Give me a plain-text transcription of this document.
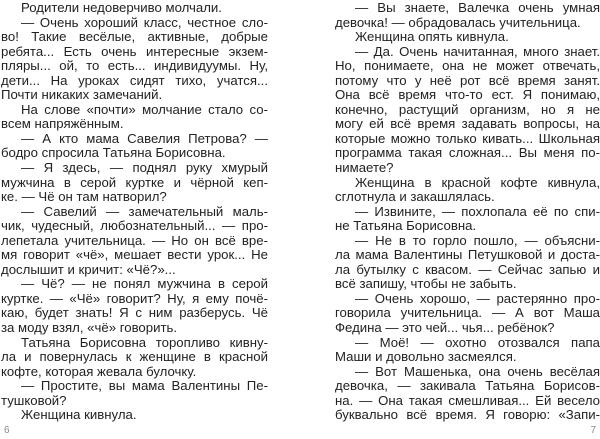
Родители недоверчиво молчали.
— Очень хороший класс, честное сло-
во! Такие весёлые, активные, добрые
ребята... Есть очень интересные экзем-
пляры... ой, то есть... индивидуумы. Ну,
дети... На уроках сидят тихо, учатся...
Почти никаких замечаний.
На слове «почти» молчание стало со-
всем напряжённым.
— А кто мама Савелия Петрова? —
бодро спросила Татьяна Борисовна.
— Я здесь, — поднял руку хмурый
мужчина в серой куртке и чёрной кеп-
ке. — Чё он там натворил?
— Савелий — замечательный маль-
чик, чудесный, любознательный... — про-
лепетала учительница. — Но он всё вре-
мя говорит «чё», мешает вести урок... Не
дослышит и кричит: «Чё?»...
— Чё? — не понял мужчина в серой
куртке. — «Чё» говорит? Ну, я ему почё-
каю, будет знать! Я с ним разберусь. Чё
за моду взял, «чё» говорить.
Татьяна Борисовна торопливо кивну-
ла и повернулась к женщине в красной
кофте, которая жевала булочку.
— Простите, вы мама Валентины Пе-
тушковой?
Женщина кивнула.
6
— Вы знаете, Валечка очень умная
девочка! — обрадовалась учительница.
Женщина опять кивнула.
— Да. Очень начитанная, много знает.
Но, понимаете, она не может отвечать,
потому что у неё рот всё время занят.
Она всё время что-то ест. Я понимаю,
конечно, растущий организм, но я не
могу ей всё время задавать вопросы, на
которые можно только кивать... Школьная
программа такая сложная... Вы меня по-
нимаете?
Женщина в красной кофте кивнула,
сглотнула и закашлялась.
— Извините, — похлопала её по спи-
не Татьяна Борисовна.
— Не в то горло пошло, — объясни-
ла мама Валентины Петушковой и доста-
ла бутылку с квасом. — Сейчас запью и
всё запишу, чтобы не забыть.
— Очень хорошо, — растерянно про-
говорила учительница. — А вот Маша
Федина — это чей... чья... ребёнок?
— Моё! — охотно отозвался папа
Маши и довольно засмеялся.
— Вот Машенька, она очень весёлая
девочка, — закивала Татьяна Борисов-
на. — Она такая смешливая... Ей весело
буквально всё время. Я говорю: «Запи-
7
